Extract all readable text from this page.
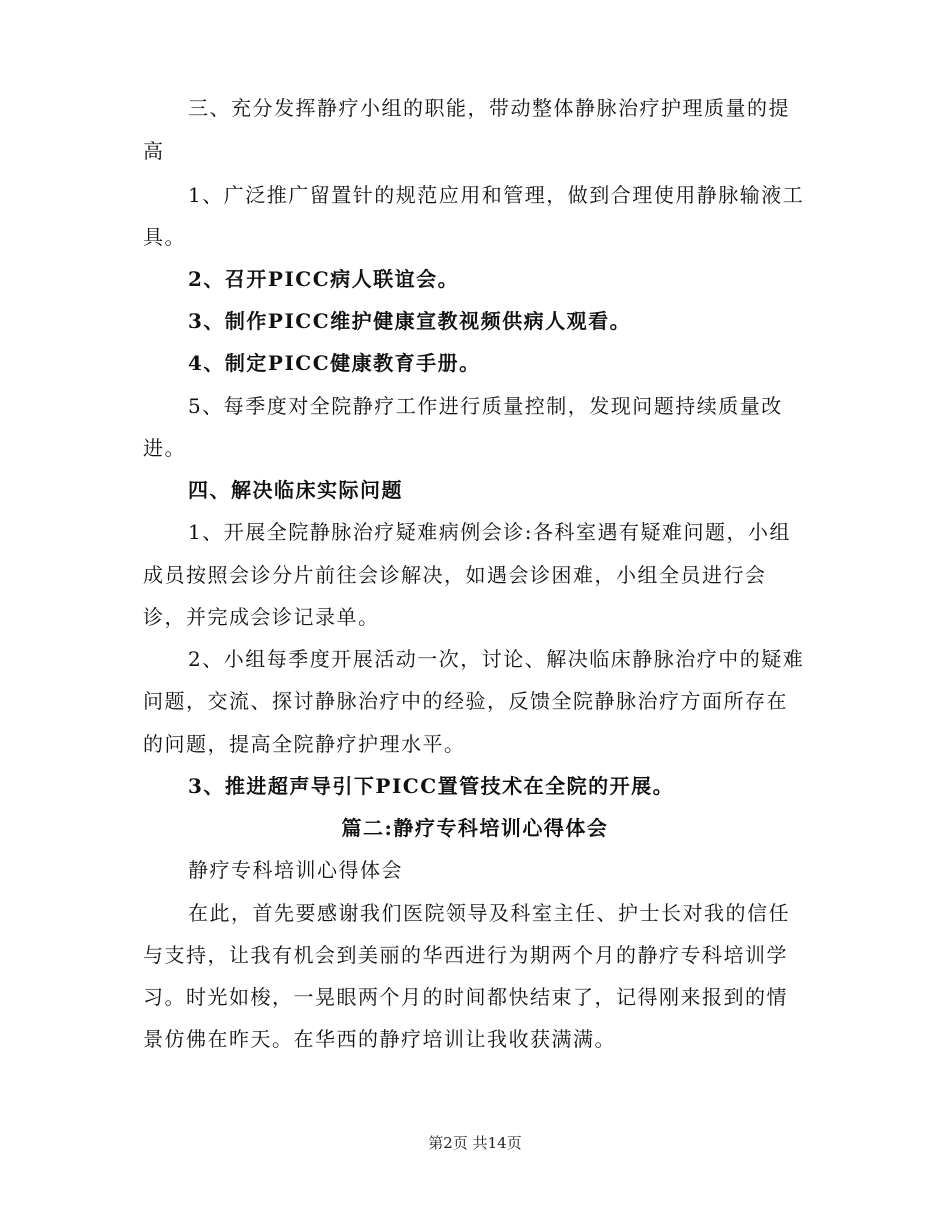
三、充分发挥静疗小组的职能，带动整体静脉治疗护理质量的提
高
1、广泛推广留置针的规范应用和管理，做到合理使用静脉输液工
具。
2、召开PICC病人联谊会。
3、制作PICC维护健康宣教视频供病人观看。
4、制定PICC健康教育手册。
5、每季度对全院静疗工作进行质量控制，发现问题持续质量改
进。
四、解决临床实际问题
1、开展全院静脉治疗疑难病例会诊:各科室遇有疑难问题，小组
成员按照会诊分片前往会诊解决，如遇会诊困难，小组全员进行会
诊，并完成会诊记录单。
2、小组每季度开展活动一次，讨论、解决临床静脉治疗中的疑难
问题，交流、探讨静脉治疗中的经验，反馈全院静脉治疗方面所存在
的问题，提高全院静疗护理水平。
3、推进超声导引下PICC置管技术在全院的开展。
篇二:静疗专科培训心得体会
静疗专科培训心得体会
在此，首先要感谢我们医院领导及科室主任、护士长对我的信任
与支持，让我有机会到美丽的华西进行为期两个月的静疗专科培训学
习。时光如梭，一晃眼两个月的时间都快结束了，记得刚来报到的情
景仿佛在昨天。在华西的静疗培训让我收获满满。
第2页 共14页
